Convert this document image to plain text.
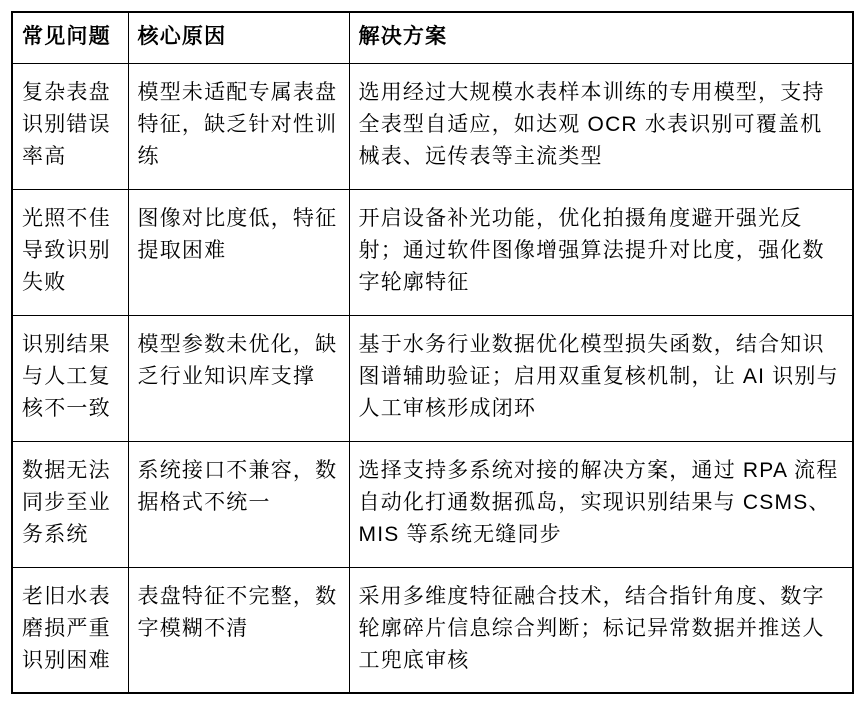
常见问题	核心原因	解决方案
复杂表盘识别错误率高	模型未适配专属表盘特征，缺乏针对性训练	选用经过大规模水表样本训练的专用模型，支持全表型自适应，如达观 OCR 水表识别可覆盖机械表、远传表等主流类型
光照不佳导致识别失败	图像对比度低，特征提取困难	开启设备补光功能，优化拍摄角度避开强光反射；通过软件图像增强算法提升对比度，强化数字轮廓特征
识别结果与人工复核不一致	模型参数未优化，缺乏行业知识库支撑	基于水务行业数据优化模型损失函数，结合知识图谱辅助验证；启用双重复核机制，让 AI 识别与人工审核形成闭环
数据无法同步至业务系统	系统接口不兼容，数据格式不统一	选择支持多系统对接的解决方案，通过 RPA 流程自动化打通数据孤岛，实现识别结果与 CSMS、MIS 等系统无缝同步
老旧水表磨损严重识别困难	表盘特征不完整，数字模糊不清	采用多维度特征融合技术，结合指针角度、数字轮廓碎片信息综合判断；标记异常数据并推送人工兜底审核
